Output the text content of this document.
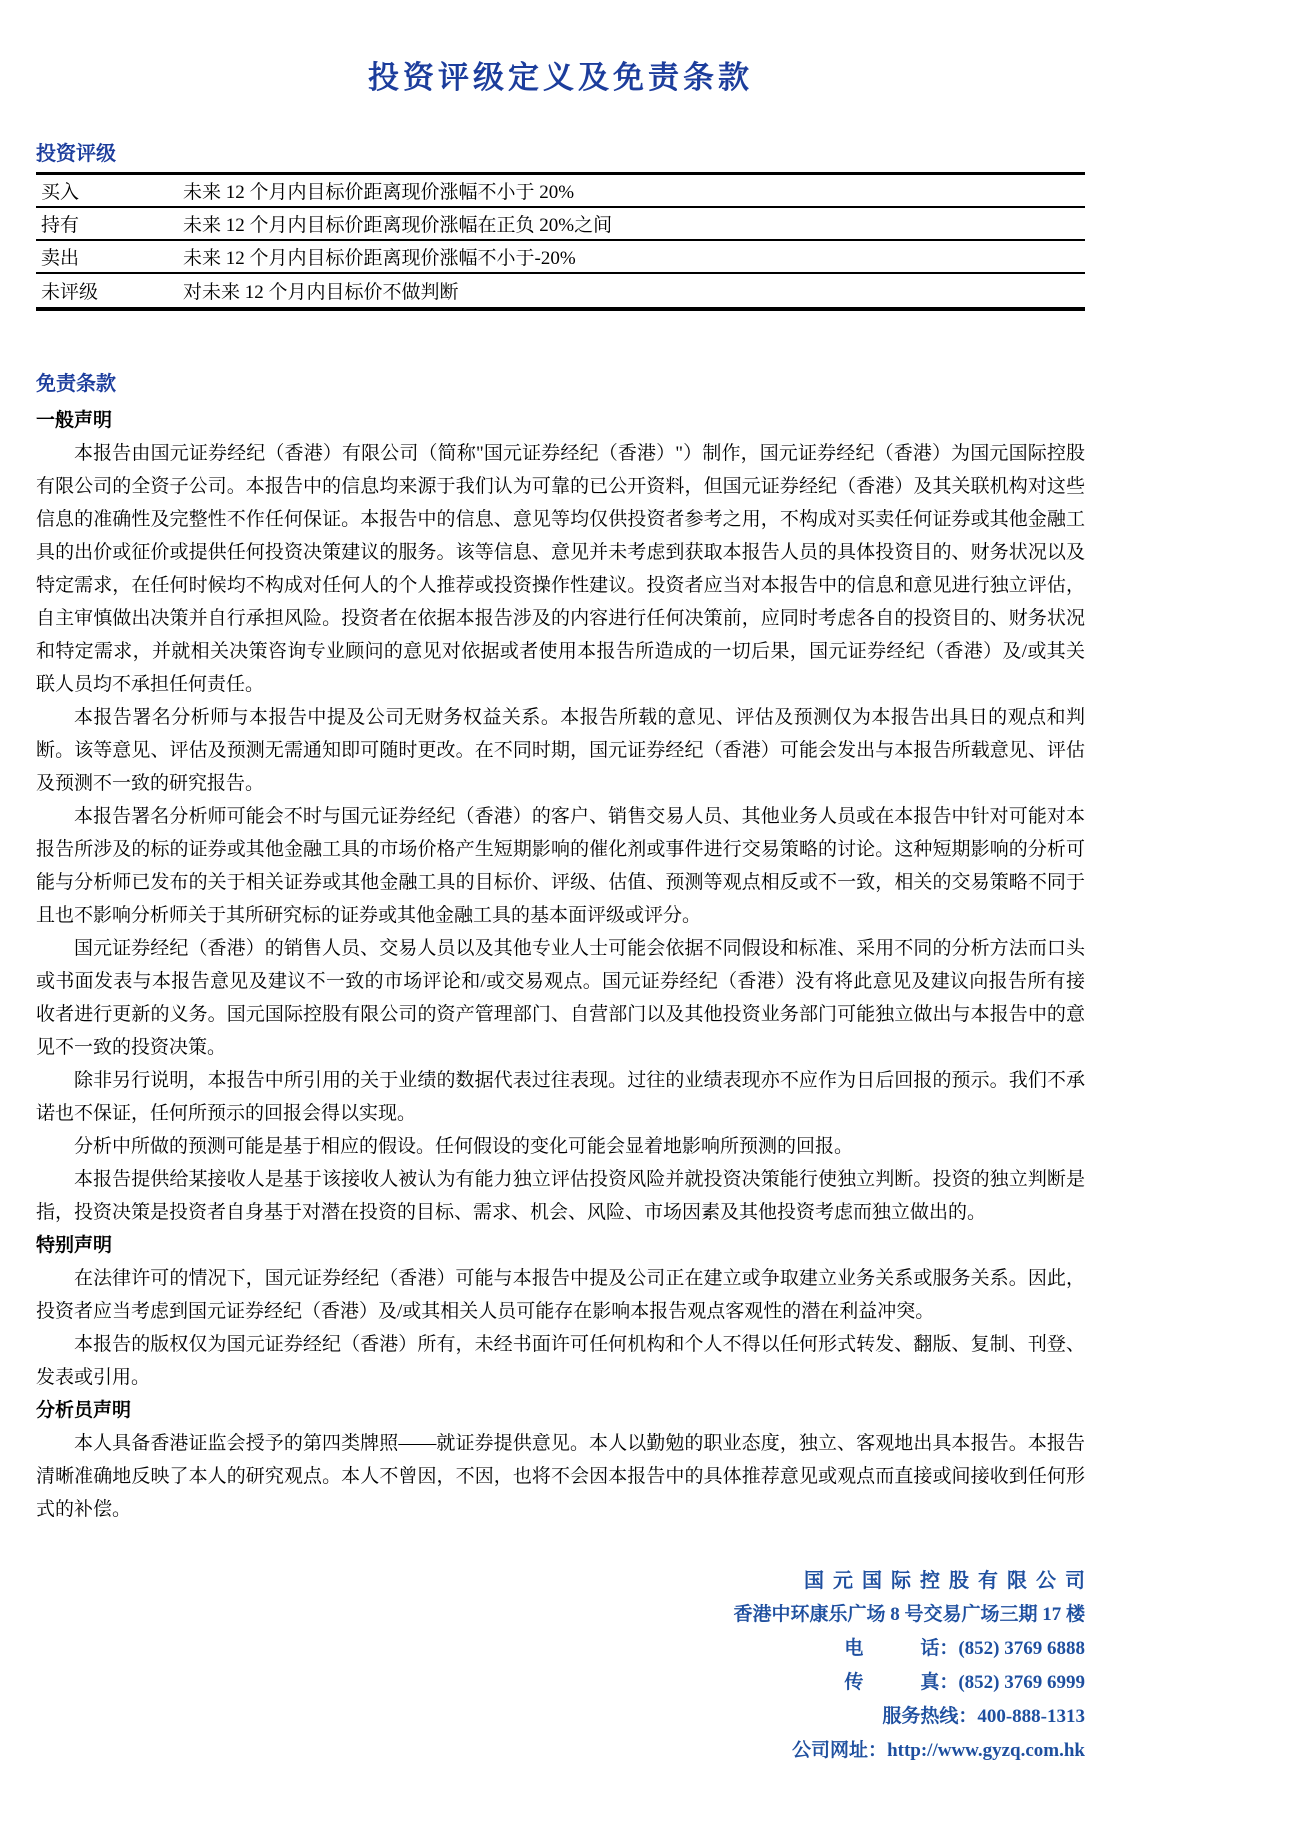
投资评级定义及免责条款
投资评级
买入	未来 12 个月内目标价距离现价涨幅不小于 20%
持有	未来 12 个月内目标价距离现价涨幅在正负 20%之间
卖出	未来 12 个月内目标价距离现价涨幅不小于-20%
未评级	对未来 12 个月内目标价不做判断
免责条款
一般声明

本报告由国元证券经纪（香港）有限公司（简称"国元证券经纪（香港）"）制作，国元证券经纪（香港）为国元国际控股有限公司的全资子公司。本报告中的信息均来源于我们认为可靠的已公开资料，但国元证券经纪（香港）及其关联机构对这些信息的准确性及完整性不作任何保证。本报告中的信息、意见等均仅供投资者参考之用，不构成对买卖任何证券或其他金融工具的出价或征价或提供任何投资决策建议的服务。该等信息、意见并未考虑到获取本报告人员的具体投资目的、财务状况以及特定需求，在任何时候均不构成对任何人的个人推荐或投资操作性建议。投资者应当对本报告中的信息和意见进行独立评估，自主审慎做出决策并自行承担风险。投资者在依据本报告涉及的内容进行任何决策前，应同时考虑各自的投资目的、财务状况和特定需求，并就相关决策咨询专业顾问的意见对依据或者使用本报告所造成的一切后果，国元证券经纪（香港）及/或其关联人员均不承担任何责任。

本报告署名分析师与本报告中提及公司无财务权益关系。本报告所载的意见、评估及预测仅为本报告出具日的观点和判断。该等意见、评估及预测无需通知即可随时更改。在不同时期，国元证券经纪（香港）可能会发出与本报告所载意见、评估及预测不一致的研究报告。

本报告署名分析师可能会不时与国元证券经纪（香港）的客户、销售交易人员、其他业务人员或在本报告中针对可能对本报告所涉及的标的证券或其他金融工具的市场价格产生短期影响的催化剂或事件进行交易策略的讨论。这种短期影响的分析可能与分析师已发布的关于相关证券或其他金融工具的目标价、评级、估值、预测等观点相反或不一致，相关的交易策略不同于且也不影响分析师关于其所研究标的证券或其他金融工具的基本面评级或评分。

国元证券经纪（香港）的销售人员、交易人员以及其他专业人士可能会依据不同假设和标准、采用不同的分析方法而口头或书面发表与本报告意见及建议不一致的市场评论和/或交易观点。国元证券经纪（香港）没有将此意见及建议向报告所有接收者进行更新的义务。国元国际控股有限公司的资产管理部门、自营部门以及其他投资业务部门可能独立做出与本报告中的意见不一致的投资决策。

除非另行说明，本报告中所引用的关于业绩的数据代表过往表现。过往的业绩表现亦不应作为日后回报的预示。我们不承诺也不保证，任何所预示的回报会得以实现。

分析中所做的预测可能是基于相应的假设。任何假设的变化可能会显着地影响所预测的回报。

本报告提供给某接收人是基于该接收人被认为有能力独立评估投资风险并就投资决策能行使独立判断。投资的独立判断是指，投资决策是投资者自身基于对潜在投资的目标、需求、机会、风险、市场因素及其他投资考虑而独立做出的。

特别声明

在法律许可的情况下，国元证券经纪（香港）可能与本报告中提及公司正在建立或争取建立业务关系或服务关系。因此，投资者应当考虑到国元证券经纪（香港）及/或其相关人员可能存在影响本报告观点客观性的潜在利益冲突。

本报告的版权仅为国元证券经纪（香港）所有，未经书面许可任何机构和个人不得以任何形式转发、翻版、复制、刊登、发表或引用。

分析员声明

本人具备香港证监会授予的第四类牌照——就证券提供意见。本人以勤勉的职业态度，独立、客观地出具本报告。本报告清晰准确地反映了本人的研究观点。本人不曾因，不因，也将不会因本报告中的具体推荐意见或观点而直接或间接收到任何形式的补偿。

国元国际控股有限公司
香港中环康乐广场 8 号交易广场三期 17 楼
电　　　话：(852) 3769 6888
传　　　真：(852) 3769 6999
服务热线：400-888-1313
公司网址：http://www.gyzq.com.hk
